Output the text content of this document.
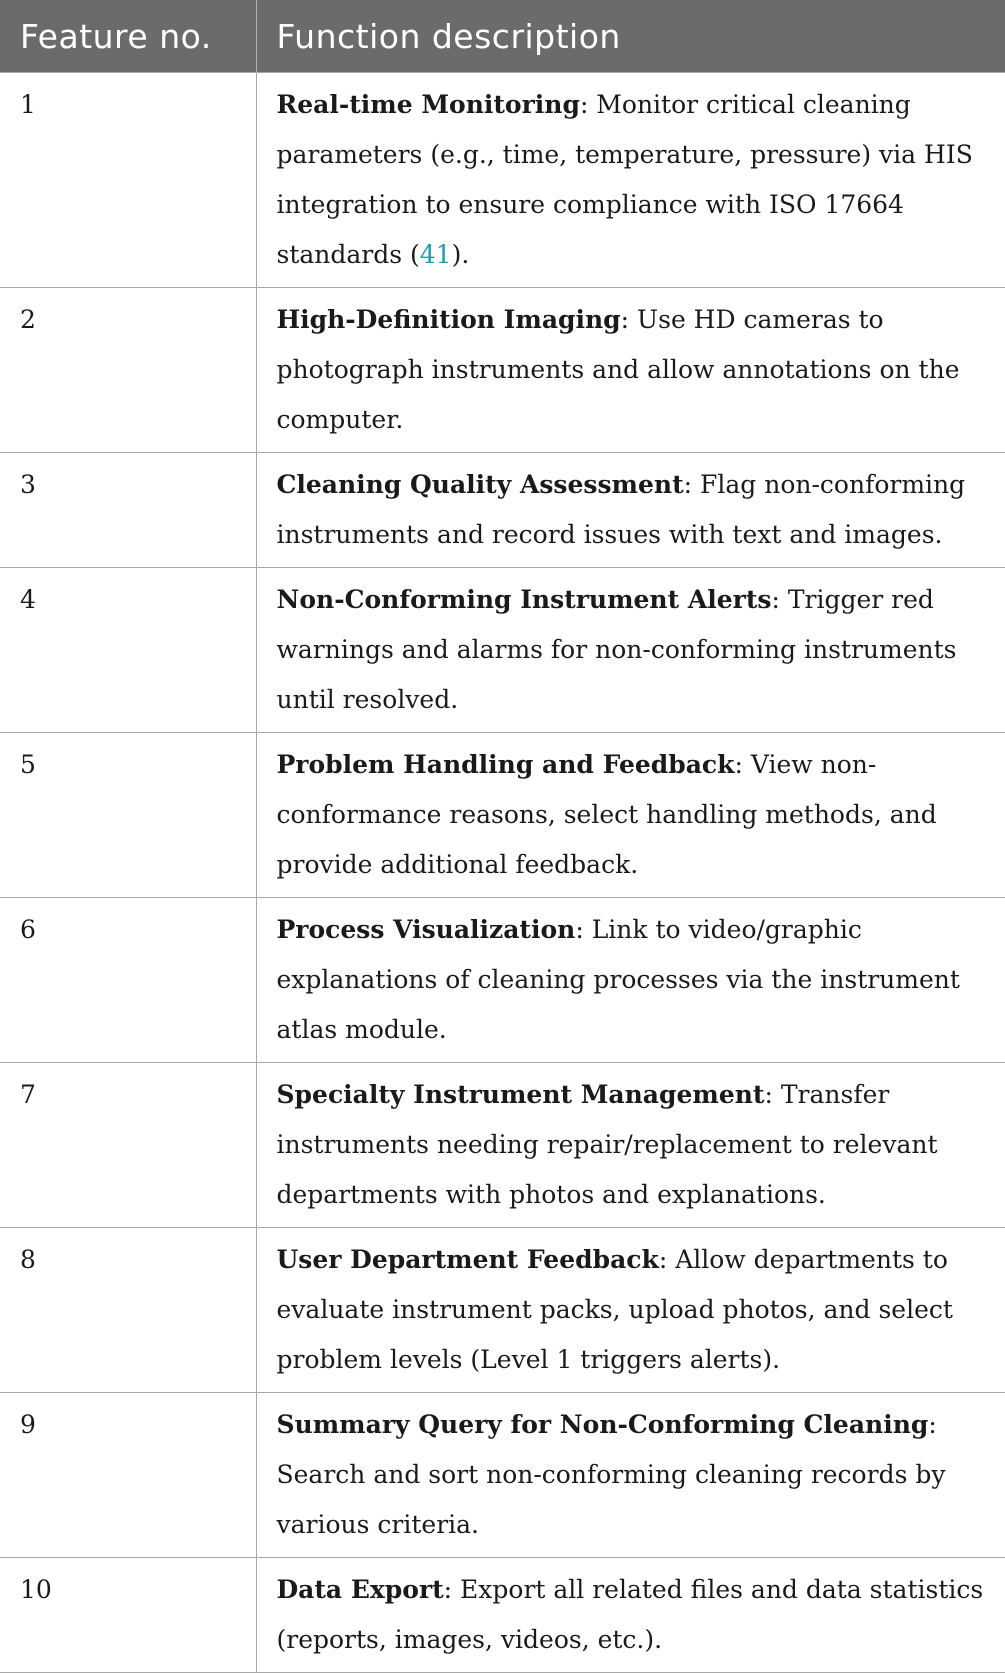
Feature no.	Function description
1	Real-time Monitoring: Monitor critical cleaning parameters (e.g., time, temperature, pressure) via HIS integration to ensure compliance with ISO 17664 standards (41).
2	High-Definition Imaging: Use HD cameras to photograph instruments and allow annotations on the computer.
3	Cleaning Quality Assessment: Flag non-conforming instruments and record issues with text and images.
4	Non-Conforming Instrument Alerts: Trigger red warnings and alarms for non-conforming instruments until resolved.
5	Problem Handling and Feedback: View non-conformance reasons, select handling methods, and provide additional feedback.
6	Process Visualization: Link to video/graphic explanations of cleaning processes via the instrument atlas module.
7	Specialty Instrument Management: Transfer instruments needing repair/replacement to relevant departments with photos and explanations.
8	User Department Feedback: Allow departments to evaluate instrument packs, upload photos, and select problem levels (Level 1 triggers alerts).
9	Summary Query for Non-Conforming Cleaning: Search and sort non-conforming cleaning records by various criteria.
10	Data Export: Export all related files and data statistics (reports, images, videos, etc.).
